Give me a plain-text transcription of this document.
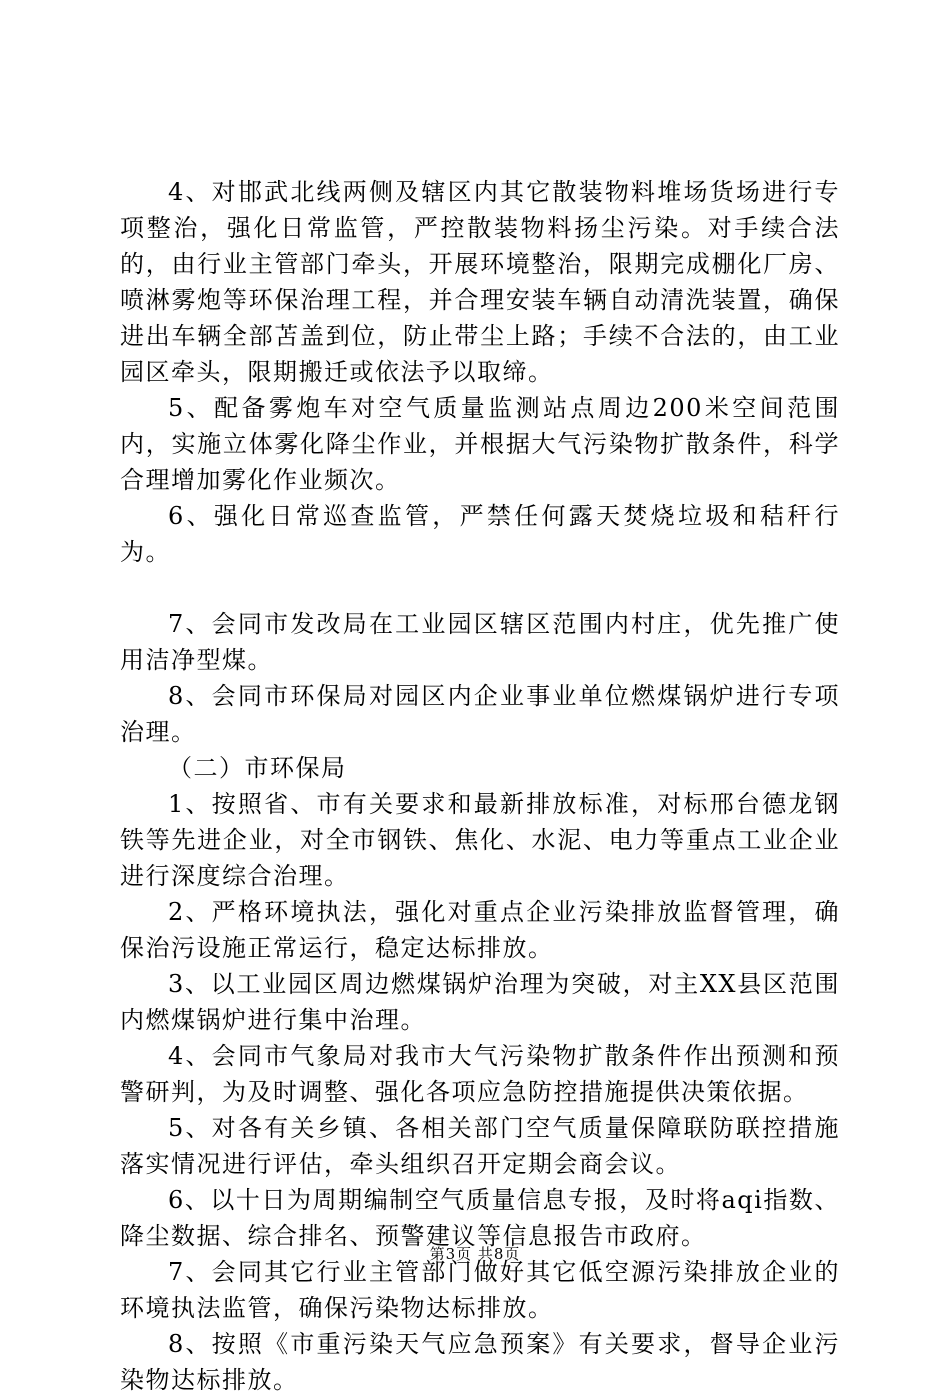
4、对邯武北线两侧及辖区内其它散装物料堆场货场进行专项整治，强化日常监管，严控散装物料扬尘污染。对手续合法的，由行业主管部门牵头，开展环境整治，限期完成棚化厂房、喷淋雾炮等环保治理工程，并合理安装车辆自动清洗装置，确保进出车辆全部苫盖到位，防止带尘上路；手续不合法的，由工业园区牵头，限期搬迁或依法予以取缔。

5、配备雾炮车对空气质量监测站点周边200米空间范围内，实施立体雾化降尘作业，并根据大气污染物扩散条件，科学合理增加雾化作业频次。

6、强化日常巡查监管，严禁任何露天焚烧垃圾和秸秆行为。

7、会同市发改局在工业园区辖区范围内村庄，优先推广使用洁净型煤。

8、会同市环保局对园区内企业事业单位燃煤锅炉进行专项治理。

（二）市环保局

1、按照省、市有关要求和最新排放标准，对标邢台德龙钢铁等先进企业，对全市钢铁、焦化、水泥、电力等重点工业企业进行深度综合治理。

2、严格环境执法，强化对重点企业污染排放监督管理，确保治污设施正常运行，稳定达标排放。

3、以工业园区周边燃煤锅炉治理为突破，对主XX县区范围内燃煤锅炉进行集中治理。

4、会同市气象局对我市大气污染物扩散条件作出预测和预警研判，为及时调整、强化各项应急防控措施提供决策依据。

5、对各有关乡镇、各相关部门空气质量保障联防联控措施落实情况进行评估，牵头组织召开定期会商会议。

6、以十日为周期编制空气质量信息专报，及时将aqi指数、降尘数据、综合排名、预警建议等信息报告市政府。

7、会同其它行业主管部门做好其它低空源污染排放企业的环境执法监管，确保污染物达标排放。

8、按照《市重污染天气应急预案》有关要求，督导企业污染物达标排放。

第3页 共8页
